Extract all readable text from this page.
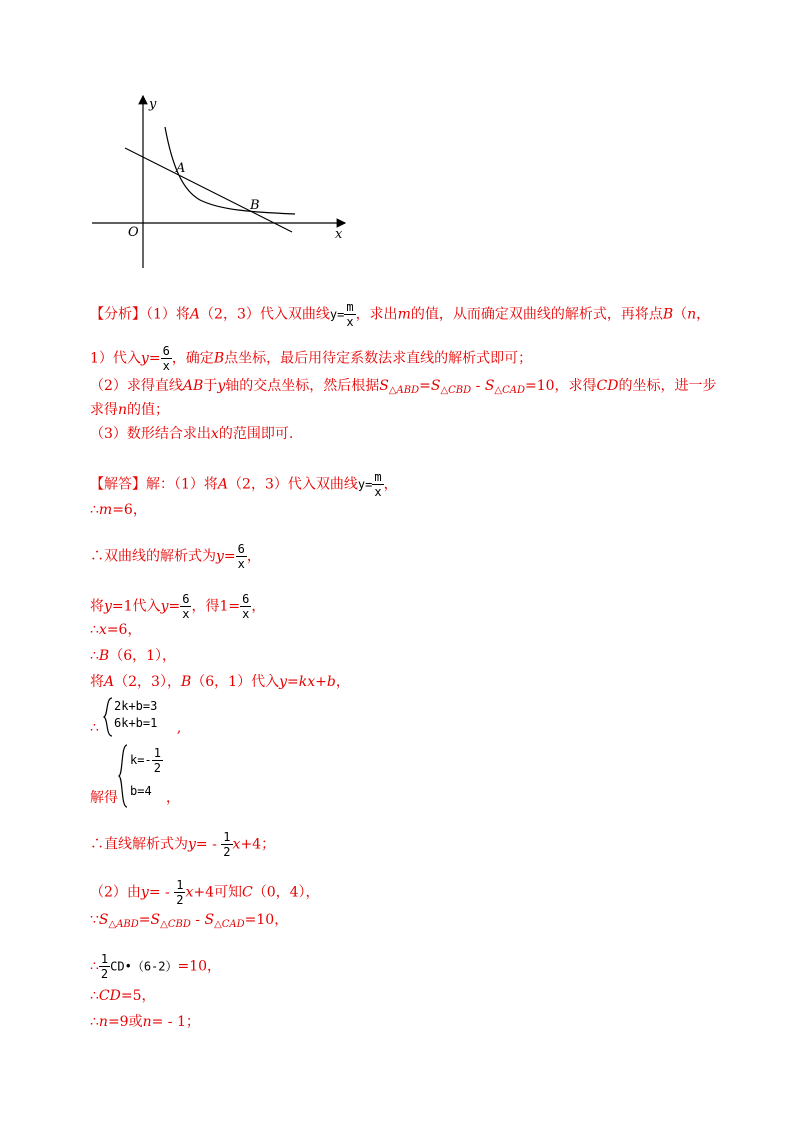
y
x
O
A
B
【分析】（1）将A（2，3）代入双曲线$y= \frac{m}{x}$ ，求出m的值，从而确定双曲线的解析式，再将点B（n，
1）代入$y= \frac{6}{x}$ ，确定B点坐标，最后用待定系数法求直线的解析式即可；
（2）求得直线AB于y轴的交点坐标，然后根据$S_{\triangle ABD}=S_{\triangle CBD} - S_{\triangle CAD}=10$，求得CD的坐标，进一步
求得n的值；
（3）数形结合求出x的范围即可.
【解答】解：（1）将A（2，3）代入双曲线$y= \frac{m}{x}$ ，
∴m=6，
∴双曲线的解析式为$y= \frac{6}{x}$ ，
将y=1代入$y= \frac{6}{x}$ ，得$1= \frac{6}{x}$ ，
∴x=6，
∴B（6，1），
将A（2，3），B（6，1）代入y=kx+b，
2k+b=3
6k+b=1
∴	,
$k=- \frac{1}{2}$
b=4
解得	，
∴直线解析式为$y= - \frac{1}{2} x+4$；
（2）由$y= - \frac{1}{2} x+4$可知C（0，4），
$\because S_{\triangle ABD}=S_{\triangle CBD} - S_{\triangle CAD}=10$，
∴ $\frac{1}{2}$ CD•（6-2）=10，
∴CD=5，
∴n=9或n= - 1；
